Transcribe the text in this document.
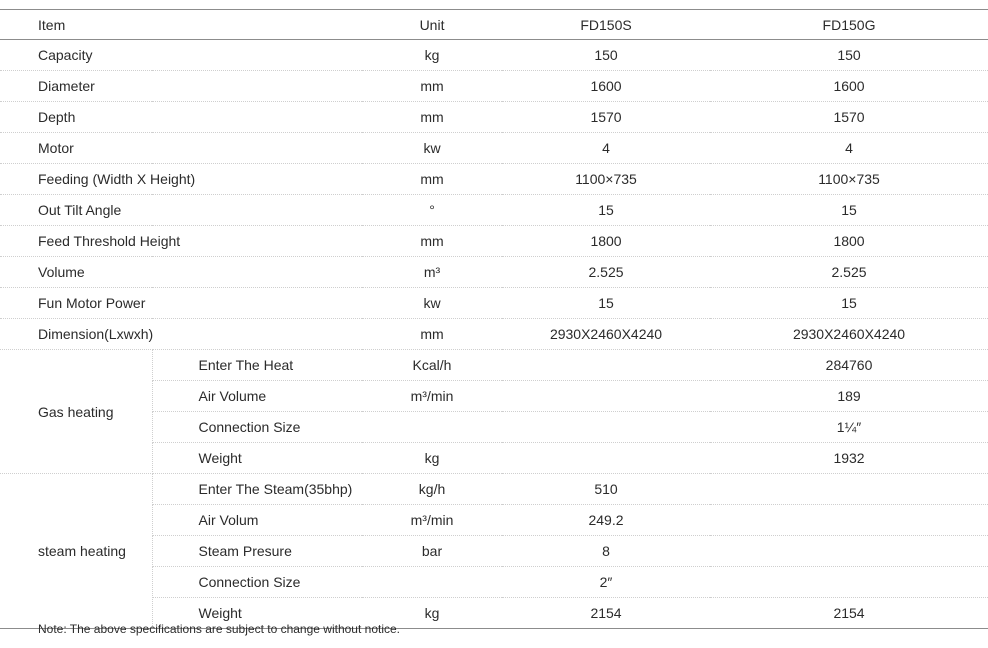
Item		Unit	FD150S	FD150G
Capacity		kg	150	150
Diameter		mm	1600	1600
Depth		mm	1570	1570
Motor		kw	4	4
Feeding (Width X Height)		mm	1100×735	1100×735
Out Tilt Angle		°	15	15
Feed Threshold Height		mm	1800	1800
Volume		m³	2.525	2.525
Fun Motor Power		kw	15	15
Dimension(Lxwxh)		mm	2930X2460X4240	2930X2460X4240
Gas heating	Enter The Heat	Kcal/h		284760
	Air Volume	m³/min		189
	Connection Size			1¼″
	Weight	kg		1932
steam heating	Enter The Steam(35bhp)	kg/h	510	
	Air Volum	m³/min	249.2	
	Steam Presure	bar	8	
	Connection Size		2″	
	Weight	kg	2154	2154
Note: The above specifications are subject to change without notice.
